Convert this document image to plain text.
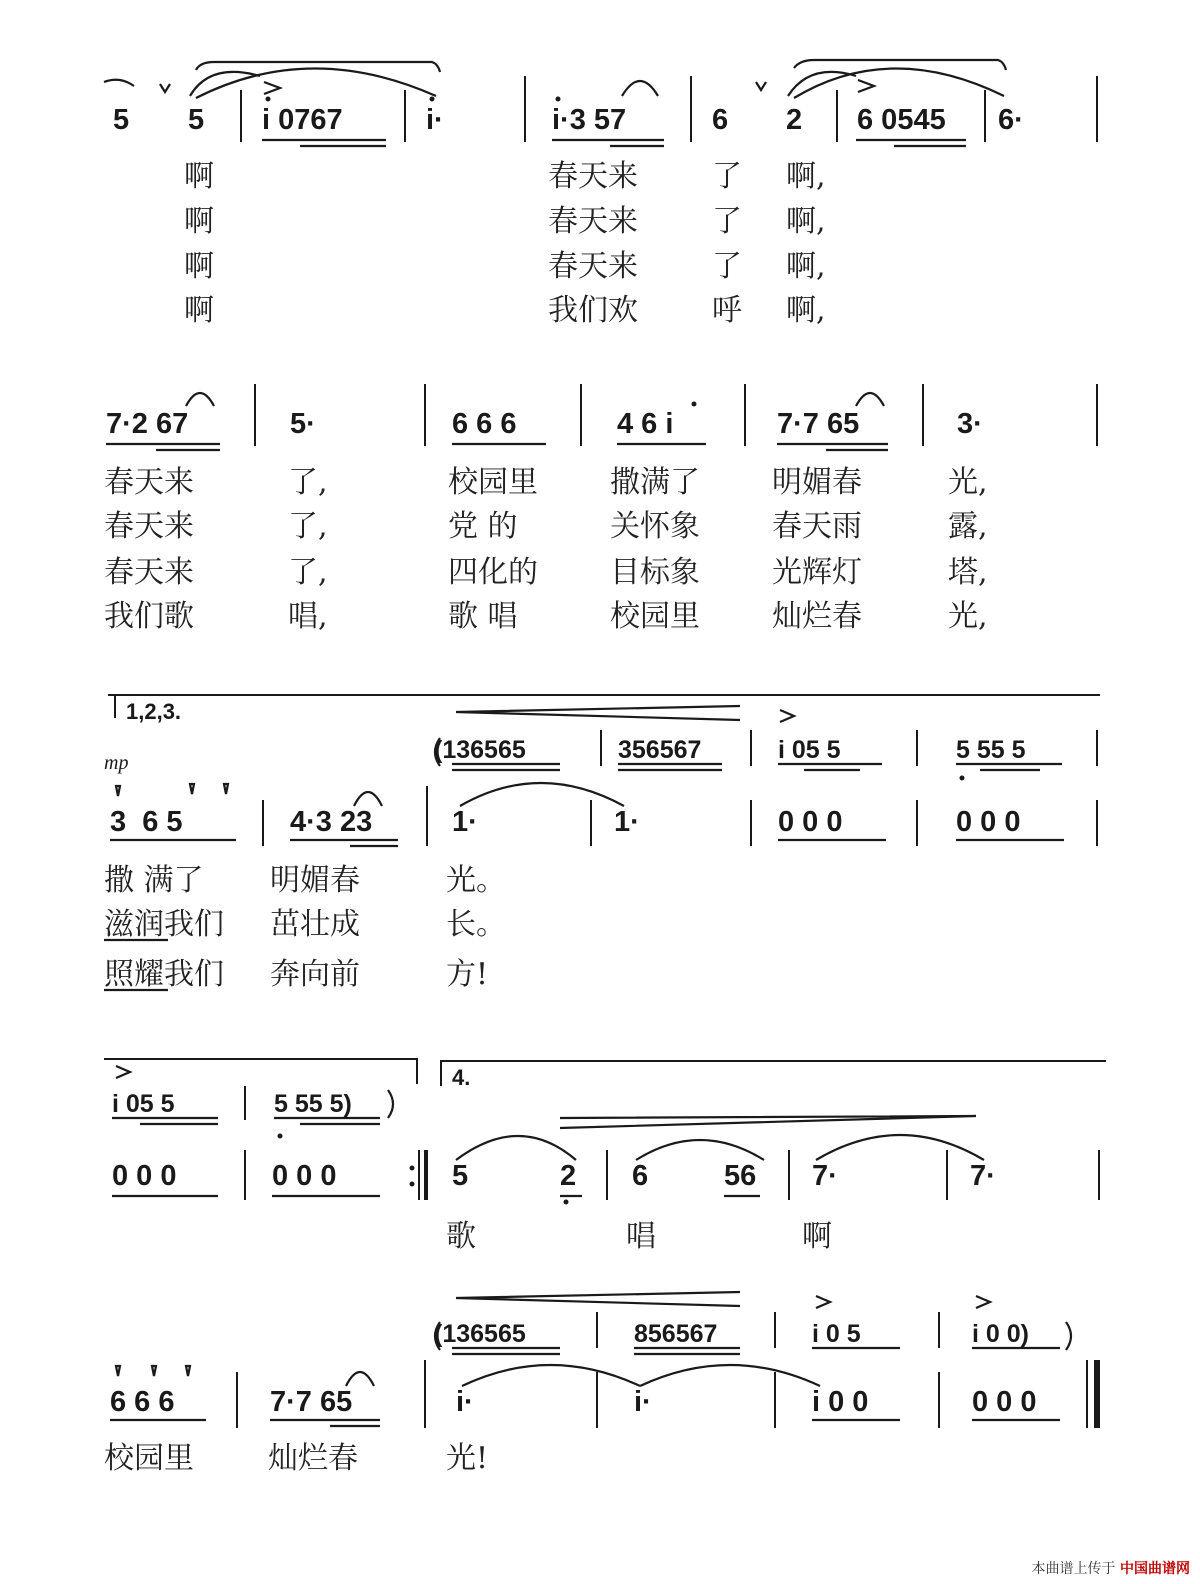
5 5 i 0767	i·	i·3 57	6 2 6 0545 6·
啊	春天来 了 啊,
啊	春天来 了 啊,
啊	春天来 了 啊,
啊	我们欢 呼 啊,
7·2 67	5·	6 6 6	4 6 i	7·7 65	3·
春天来	了,	校园里 撒满了 明媚春	光,
春天来	了,	党 的	关怀象 春天雨	露,
春天来	了,	四化的 目标象 光辉灯	塔,
我们歌	唱,	歌 唱	校园里 灿烂春	光,
1,2,3.
mp	(136565	356567	i 05 5	5 55 5
3  6 5	4·3 23	1·	1·	0 0 0	0 0 0
撒 满了 明媚春	光。
滋润我们 茁壮成	长。
照耀我们 奔向前	方!
4.
i 05 5	5 55 5)
0 0 0	0 0 0	5	2 6	56 7·	7·
歌	唱	啊
(136565	856567	i 0 5	i 0 0)
6 6 6	7·7 65	i·	i·	i 0 0	0 0 0
校园里 灿烂春	光!
本曲谱上传于 中国曲谱网
